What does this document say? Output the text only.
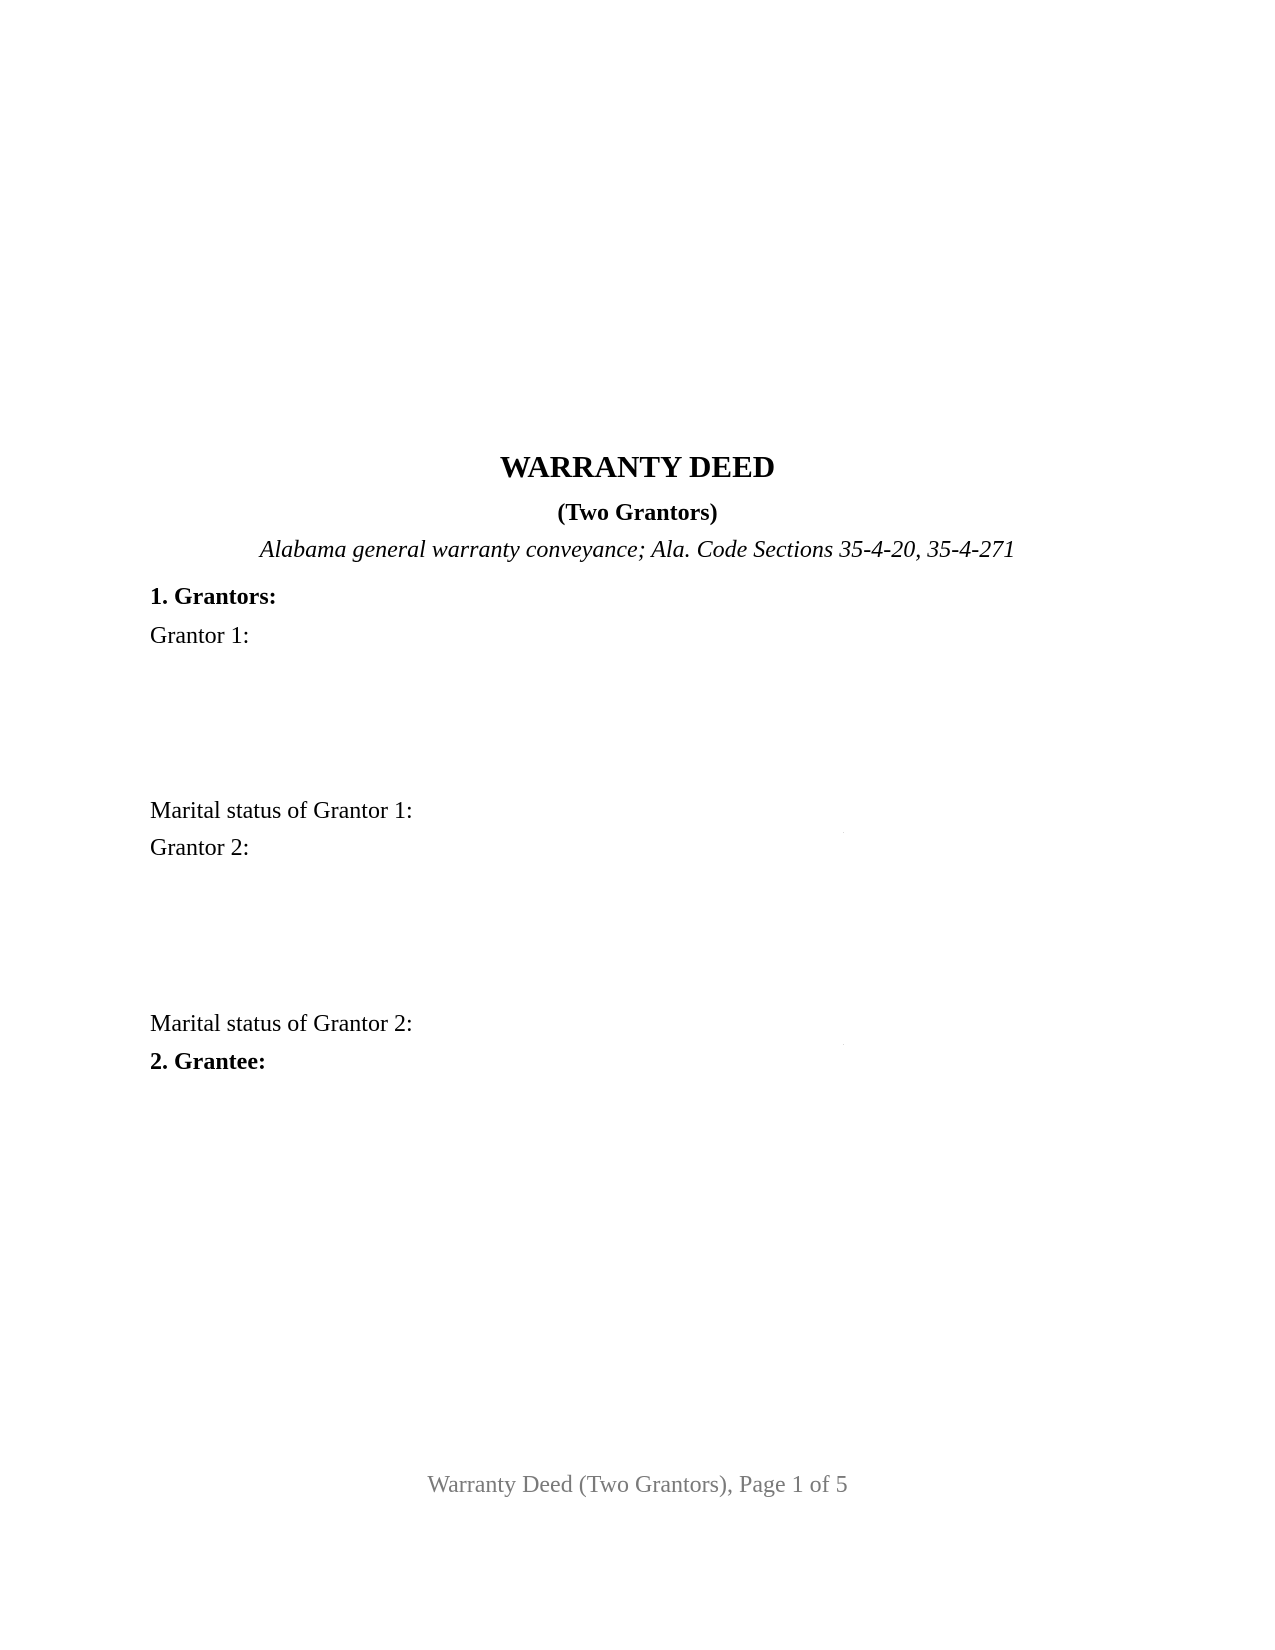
WARRANTY DEED
(Two Grantors)
Alabama general warranty conveyance; Ala. Code Sections 35-4-20, 35-4-271
1. Grantors:
Grantor 1:
Marital status of Grantor 1:
Grantor 2:
Marital status of Grantor 2:
2. Grantee:
Warranty Deed (Two Grantors), Page 1 of 5
